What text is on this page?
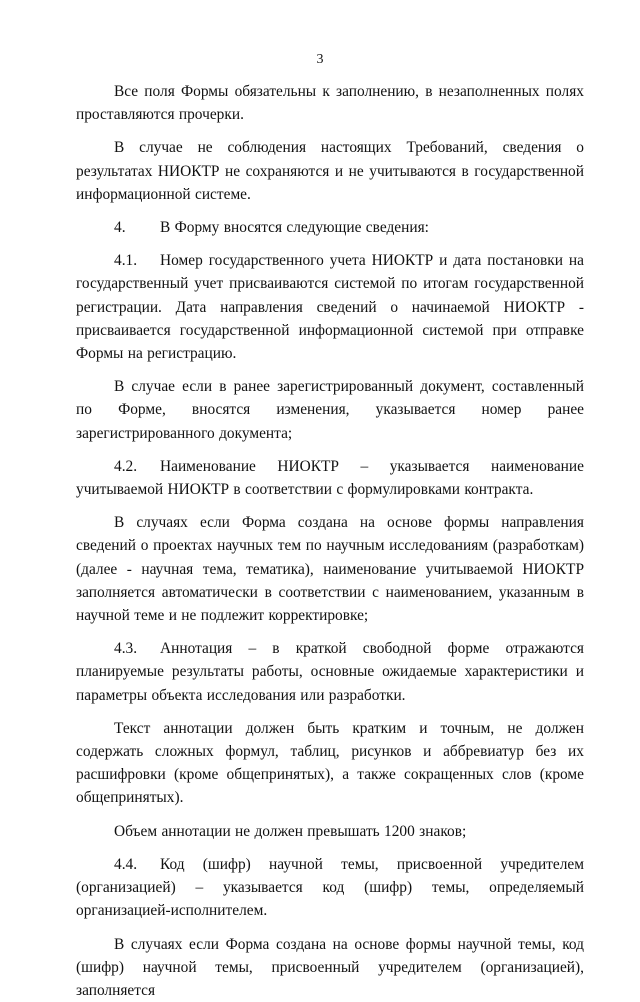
3

Все поля Формы обязательны к заполнению, в незаполненных полях проставляются прочерки.

В случае не соблюдения настоящих Требований, сведения о результатах НИОКТР не сохраняются и не учитываются в государственной информационной системе.

4. В Форму вносятся следующие сведения:

4.1. Номер государственного учета НИОКТР и дата постановки на государственный учет присваиваются системой по итогам государственной регистрации. Дата направления сведений о начинаемой НИОКТР - присваивается государственной информационной системой при отправке Формы на регистрацию.

В случае если в ранее зарегистрированный документ, составленный по Форме, вносятся изменения, указывается номер ранее зарегистрированного документа;

4.2. Наименование НИОКТР – указывается наименование учитываемой НИОКТР в соответствии с формулировками контракта.

В случаях если Форма создана на основе формы направления сведений о проектах научных тем по научным исследованиям (разработкам) (далее - научная тема, тематика), наименование учитываемой НИОКТР заполняется автоматически в соответствии с наименованием, указанным в научной теме и не подлежит корректировке;

4.3. Аннотация – в краткой свободной форме отражаются планируемые результаты работы, основные ожидаемые характеристики и параметры объекта исследования или разработки.

Текст аннотации должен быть кратким и точным, не должен содержать сложных формул, таблиц, рисунков и аббревиатур без их расшифровки (кроме общепринятых), а также сокращенных слов (кроме общепринятых).

Объем аннотации не должен превышать 1200 знаков;

4.4. Код (шифр) научной темы, присвоенной учредителем (организацией) – указывается код (шифр) темы, определяемый организацией-исполнителем.

В случаях если Форма создана на основе формы научной темы, код (шифр) научной темы, присвоенный учредителем (организацией), заполняется
